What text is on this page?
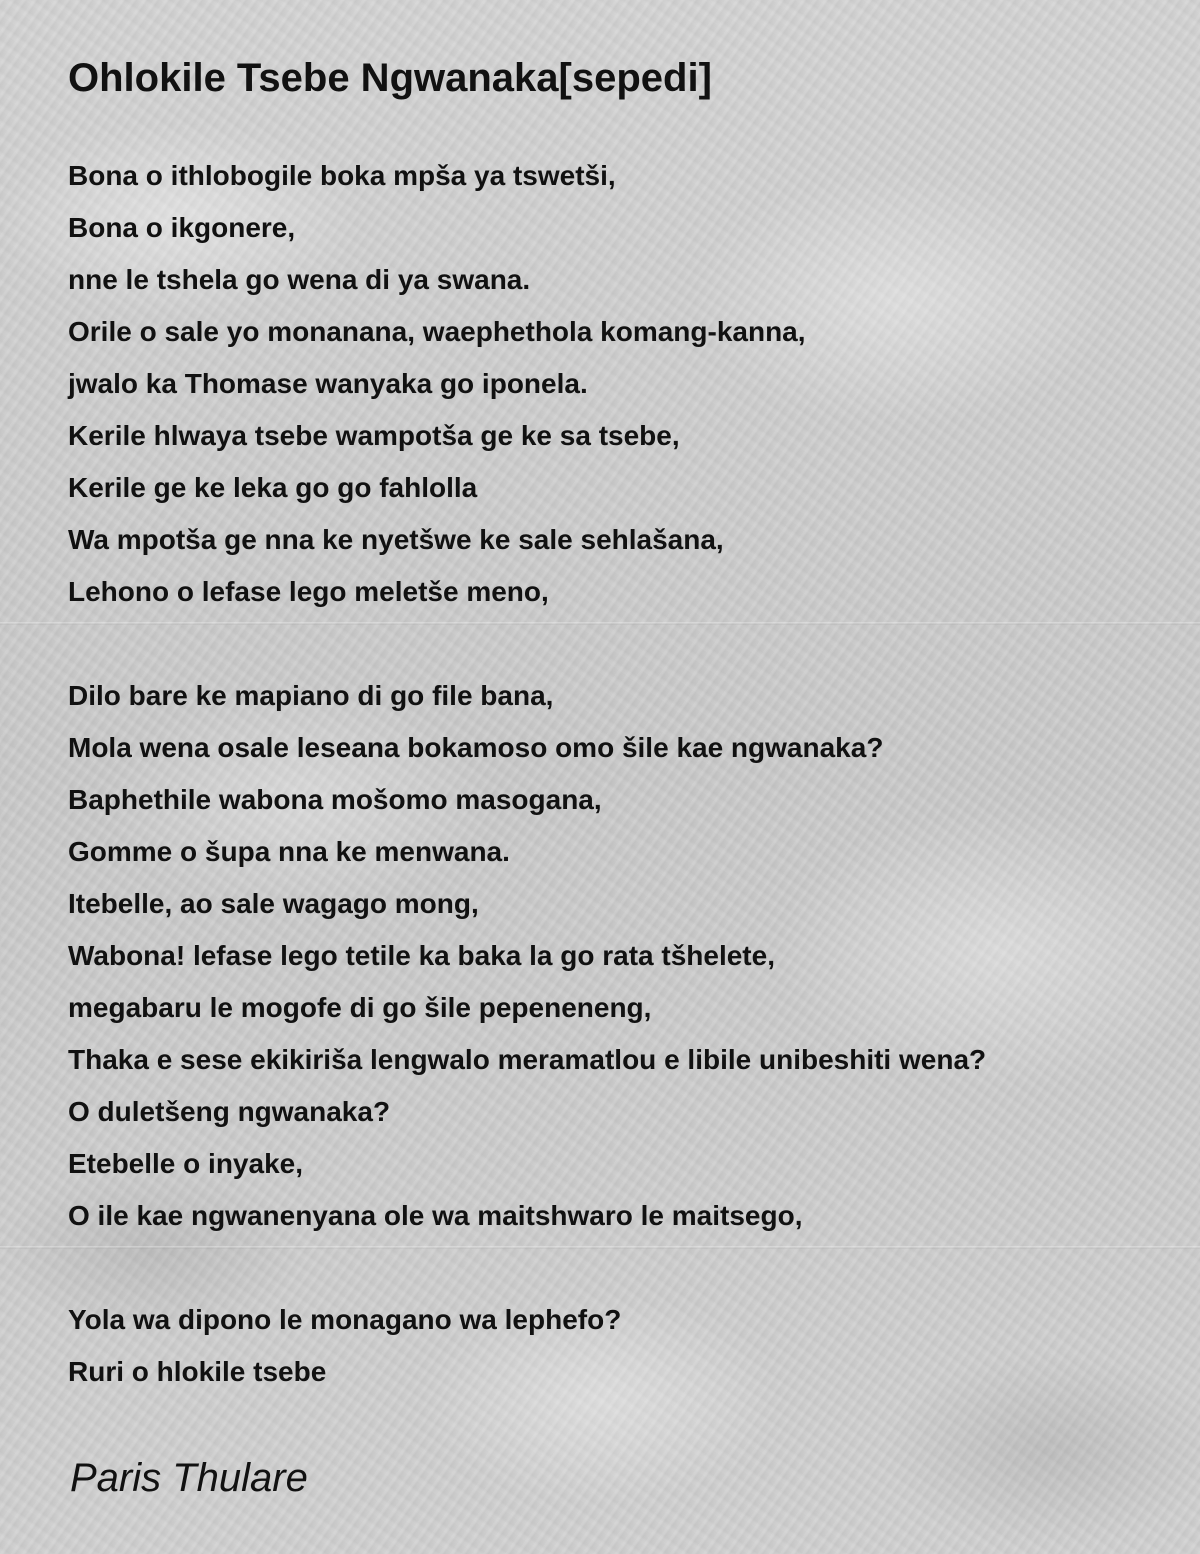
Ohlokile Tsebe Ngwanaka[sepedi]

Bona o ithlobogile boka mpša ya tswetši,

Bona o ikgonere,

nne le tshela go wena di ya swana.

Orile o sale yo monanana, waephethola komang-kanna,

jwalo ka Thomase wanyaka go iponela.

Kerile hlwaya tsebe wampotša ge ke sa tsebe,

Kerile ge ke leka go go fahlolla

Wa mpotša ge nna ke nyetšwe ke sale sehlašana,

Lehono o lefase lego meletše meno,

Dilo bare ke mapiano di go file bana,

Mola wena osale leseana bokamoso omo šile kae ngwanaka?

Baphethile wabona mošomo masogana,

Gomme o šupa nna ke menwana.

Itebelle, ao sale wagago mong,

Wabona! lefase lego tetile ka baka la go rata tšhelete,

megabaru le mogofe di go šile pepeneneng,

Thaka e sese ekikiriša lengwalo meramatlou e libile unibeshiti wena?

O duletšeng ngwanaka?

Etebelle o inyake,

O ile kae ngwanenyana ole wa maitshwaro le maitsego,

Yola wa dipono le monagano wa lephefo?

Ruri o hlokile tsebe

Paris Thulare
